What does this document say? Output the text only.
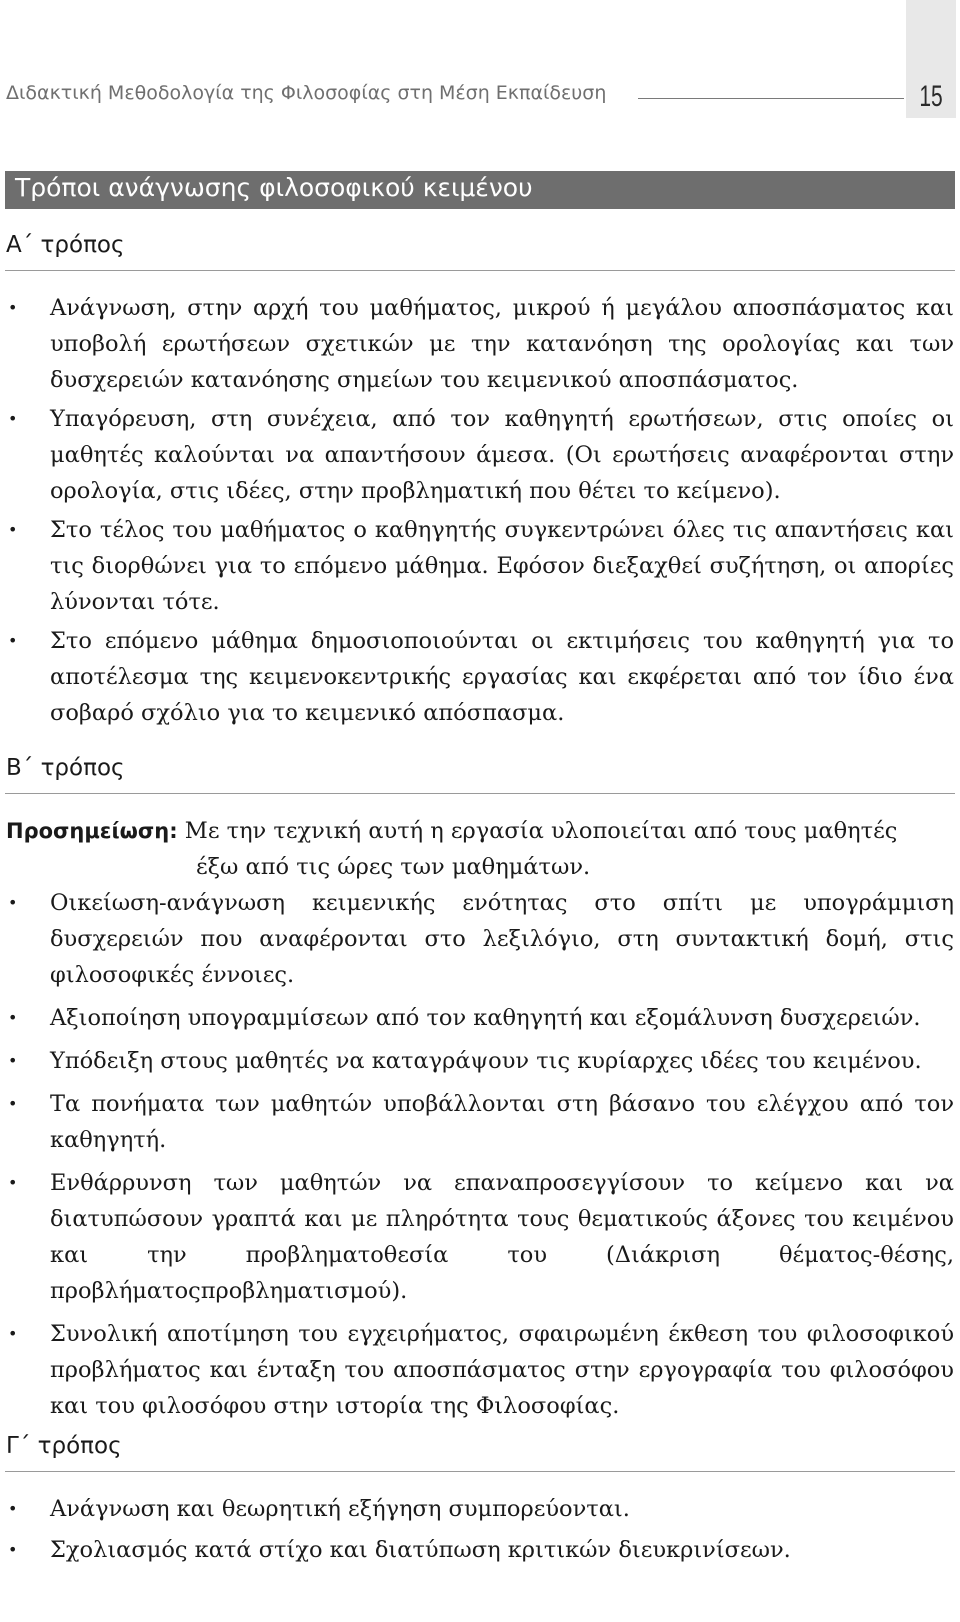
Διδακτική Μεθοδολογία της Φιλοσοφίας στη Μέση Εκπαίδευση	15
Τρόποι ανάγνωσης φιλοσοφικού κειμένου
Α΄ τρόπος
• Ανάγνωση, στην αρχή του μαθήματος, μικρού ή μεγάλου αποσπάσματος και υποβολή ερωτήσεων σχετικών με την κατανόηση της ορολογίας και των δυσχερειών κατανόησης σημείων του κειμενικού αποσπάσματος.
• Υπαγόρευση, στη συνέχεια, από τον καθηγητή ερωτήσεων, στις οποίες οι μαθητές καλούνται να απαντήσουν άμεσα. (Οι ερωτήσεις αναφέρονται στην ορολογία, στις ιδέες, στην προβληματική που θέτει το κείμενο).
• Στο τέλος του μαθήματος ο καθηγητής συγκεντρώνει όλες τις απαντήσεις και τις διορθώνει για το επόμενο μάθημα. Εφόσον διεξαχθεί συζήτηση, οι απορίες λύνονται τότε.
• Στο επόμενο μάθημα δημοσιοποιούνται οι εκτιμήσεις του καθηγητή για το αποτέλεσμα της κειμενοκεντρικής εργασίας και εκφέρεται από τον ίδιο ένα σοβαρό σχόλιο για το κειμενικό απόσπασμα.
Β΄ τρόπος
Προσημείωση: Με την τεχνική αυτή η εργασία υλοποιείται από τους μαθητές
έξω από τις ώρες των μαθημάτων.
• Οικείωση-ανάγνωση κειμενικής ενότητας στο σπίτι με υπογράμμιση δυσχερειών που αναφέρονται στο λεξιλόγιο, στη συντακτική δομή, στις φιλοσοφικές έννοιες.
• Αξιοποίηση υπογραμμίσεων από τον καθηγητή και εξομάλυνση δυσχερειών.
• Υπόδειξη στους μαθητές να καταγράψουν τις κυρίαρχες ιδέες του κειμένου.
• Τα πονήματα των μαθητών υποβάλλονται στη βάσανο του ελέγχου από τον καθηγητή.
• Ενθάρρυνση των μαθητών να επαναπροσεγγίσουν το κείμενο και να διατυπώσουν γραπτά και με πληρότητα τους θεματικούς άξονες του κειμένου και την προβληματοθεσία του (Διάκριση θέματος-θέσης, προβλήματοςπροβληματισμού).
• Συνολική αποτίμηση του εγχειρήματος, σφαιρωμένη έκθεση του φιλοσοφικού προβλήματος και ένταξη του αποσπάσματος στην εργογραφία του φιλοσόφου και του φιλοσόφου στην ιστορία της Φιλοσοφίας.
Γ΄ τρόπος
• Ανάγνωση και θεωρητική εξήγηση συμπορεύονται.
• Σχολιασμός κατά στίχο και διατύπωση κριτικών διευκρινίσεων.
